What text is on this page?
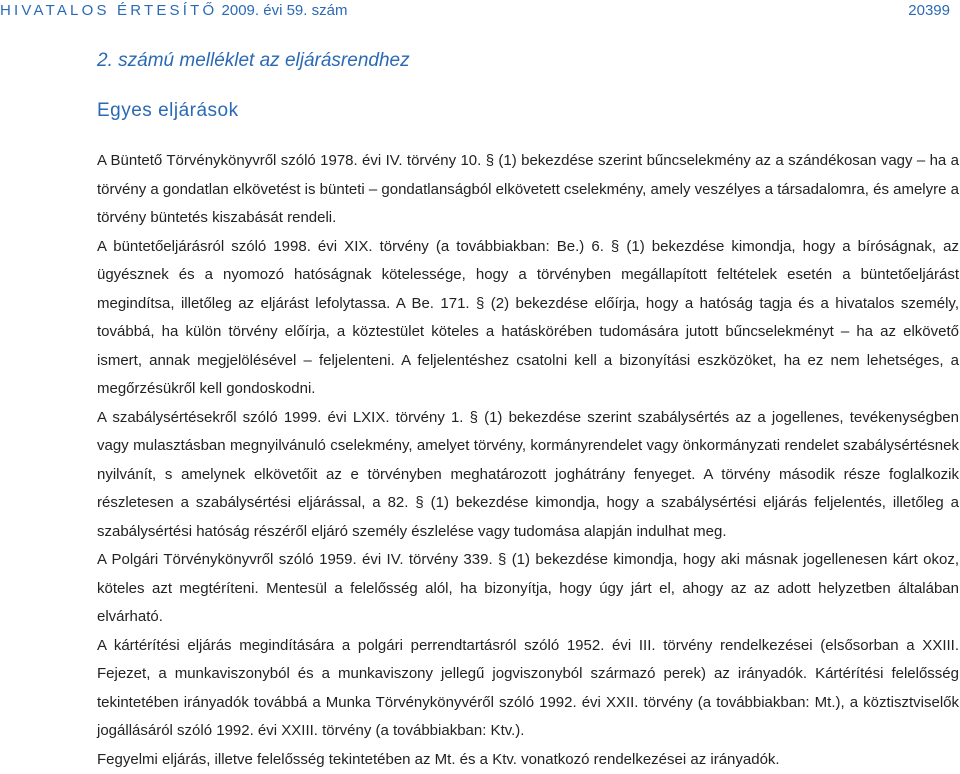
HIVATALOS ÉRTESÍTŐ 2009. évi 59. szám	20399
2. számú melléklet az eljárásrendhez
Egyes eljárások

A Büntető Törvénykönyvről szóló 1978. évi IV. törvény 10. § (1) bekezdése szerint bűncselekmény az a szándékosan vagy – ha a törvény a gondatlan elkövetést is bünteti – gondatlanságból elkövetett cselekmény, amely veszélyes a társadalomra, és amelyre a törvény büntetés kiszabását rendeli.

A büntetőeljárásról szóló 1998. évi XIX. törvény (a továbbiakban: Be.) 6. § (1) bekezdése kimondja, hogy a bíróságnak, az ügyésznek és a nyomozó hatóságnak kötelessége, hogy a törvényben megállapított feltételek esetén a büntetőeljárást megindítsa, illetőleg az eljárást lefolytassa. A Be. 171. § (2) bekezdése előírja, hogy a hatóság tagja és a hivatalos személy, továbbá, ha külön törvény előírja, a köztestület köteles a hatáskörében tudomására jutott bűncselekményt – ha az elkövető ismert, annak megjelölésével – feljelenteni. A feljelentéshez csatolni kell a bizonyítási eszközöket, ha ez nem lehetséges, a megőrzésükről kell gondoskodni.

A szabálysértésekről szóló 1999. évi LXIX. törvény 1. § (1) bekezdése szerint szabálysértés az a jogellenes, tevékenységben vagy mulasztásban megnyilvánuló cselekmény, amelyet törvény, kormányrendelet vagy önkormányzati rendelet szabálysértésnek nyilvánít, s amelynek elkövetőit az e törvényben meghatározott joghátrány fenyeget. A törvény második része foglalkozik részletesen a szabálysértési eljárással, a 82. § (1) bekezdése kimondja, hogy a szabálysértési eljárás feljelentés, illetőleg a szabálysértési hatóság részéről eljáró személy észlelése vagy tudomása alapján indulhat meg.

A Polgári Törvénykönyvről szóló 1959. évi IV. törvény 339. § (1) bekezdése kimondja, hogy aki másnak jogellenesen kárt okoz, köteles azt megtéríteni. Mentesül a felelősség alól, ha bizonyítja, hogy úgy járt el, ahogy az az adott helyzetben általában elvárható.

A kártérítési eljárás megindítására a polgári perrendtartásról szóló 1952. évi III. törvény rendelkezései (elsősorban a XXIII. Fejezet, a munkaviszonyból és a munkaviszony jellegű jogviszonyból származó perek) az irányadók. Kártérítési felelősség tekintetében irányadók továbbá a Munka Törvénykönyvéről szóló 1992. évi XXII. törvény (a továbbiakban: Mt.), a köztisztviselők jogállásáról szóló 1992. évi XXIII. törvény (a továbbiakban: Ktv.).

Fegyelmi eljárás, illetve felelősség tekintetében az Mt. és a Ktv. vonatkozó rendelkezései az irányadók.
